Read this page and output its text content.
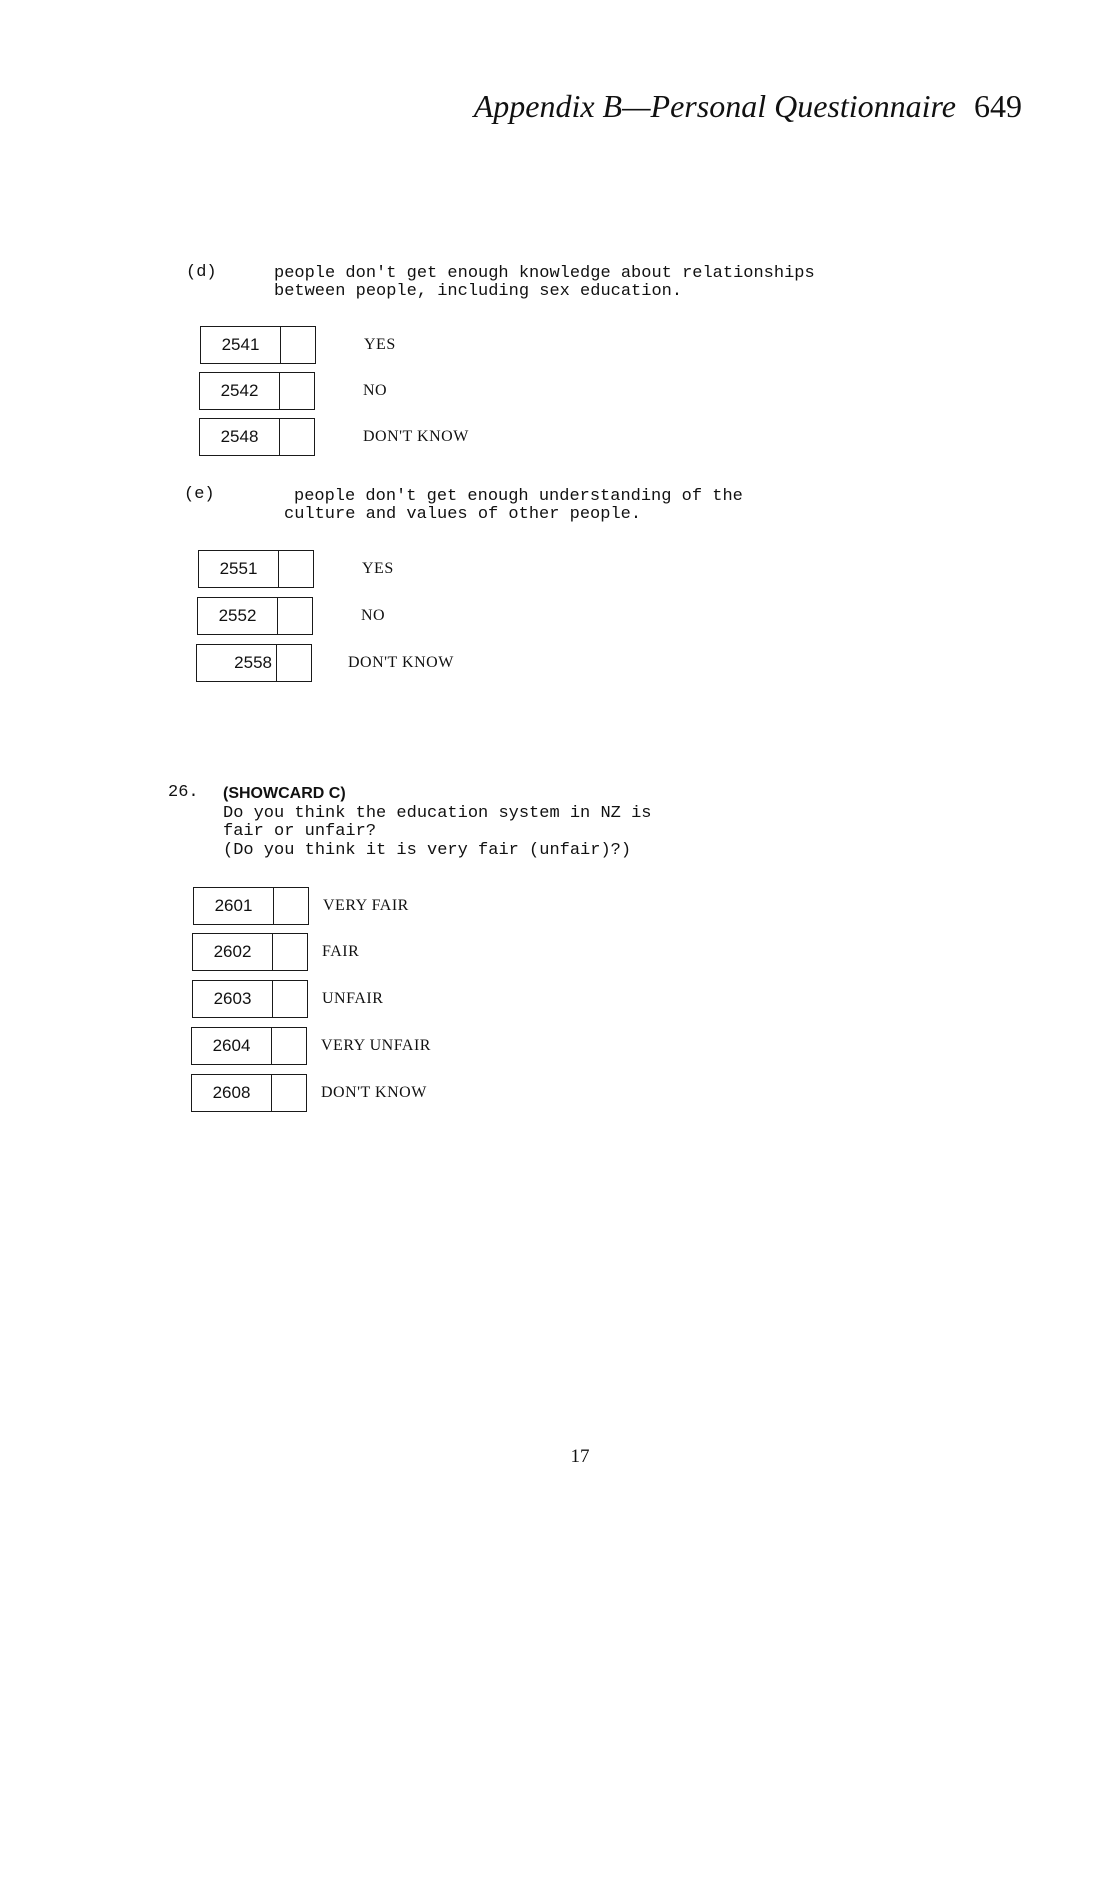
Appendix B—Personal Questionnaire 649
(d)	people don't get enough knowledge about relationships
between people, including sex education.
2541	YES
2542	NO
2548	DON'T KNOW
(e)	people don't get enough understanding of the
culture and values of other people.
2551	YES
2552	NO
2558	DON'T KNOW
26. (SHOWCARD C)
Do you think the education system in NZ is
fair or unfair?
(Do you think it is very fair (unfair)?)
2601	VERY FAIR
2602	FAIR
2603	UNFAIR
2604	VERY UNFAIR
2608	DON'T KNOW
17
